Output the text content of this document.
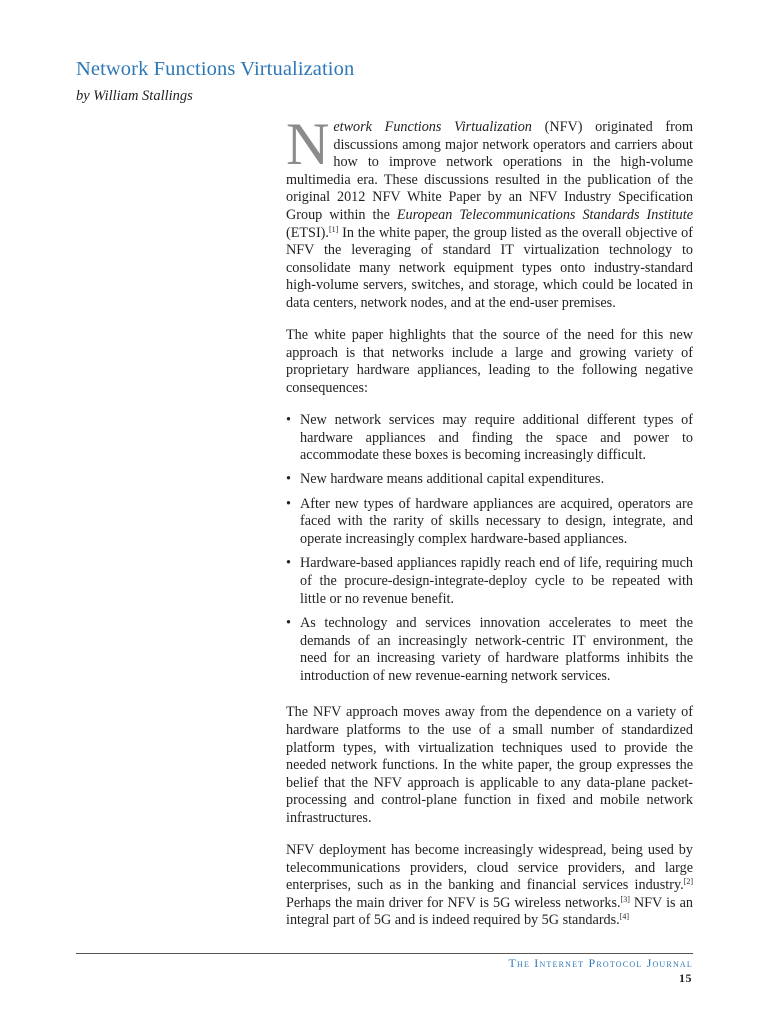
Network Functions Virtualization

by William Stallings

Network Functions Virtualization (NFV) originated from discussions among major network operators and carriers about how to improve network operations in the high-volume multimedia era. These discussions resulted in the publication of the original 2012 NFV White Paper by an NFV Industry Specification Group within the European Telecommunications Standards Institute (ETSI).[1] In the white paper, the group listed as the overall objective of NFV the leveraging of standard IT virtualization technology to consolidate many network equipment types onto industry-standard high-volume servers, switches, and storage, which could be located in data centers, network nodes, and at the end-user premises.

The white paper highlights that the source of the need for this new approach is that networks include a large and growing variety of proprietary hardware appliances, leading to the following negative consequences:

• New network services may require additional different types of hardware appliances and finding the space and power to accommodate these boxes is becoming increasingly difficult.
• New hardware means additional capital expenditures.
• After new types of hardware appliances are acquired, operators are faced with the rarity of skills necessary to design, integrate, and operate increasingly complex hardware-based appliances.
• Hardware-based appliances rapidly reach end of life, requiring much of the procure-design-integrate-deploy cycle to be repeated with little or no revenue benefit.
• As technology and services innovation accelerates to meet the demands of an increasingly network-centric IT environment, the need for an increasing variety of hardware platforms inhibits the introduction of new revenue-earning network services.

The NFV approach moves away from the dependence on a variety of hardware platforms to the use of a small number of standardized platform types, with virtualization techniques used to provide the needed network functions. In the white paper, the group expresses the belief that the NFV approach is applicable to any data-plane packet-processing and control-plane function in fixed and mobile network infrastructures.

NFV deployment has become increasingly widespread, being used by telecommunications providers, cloud service providers, and large enterprises, such as in the banking and financial services industry.[2] Perhaps the main driver for NFV is 5G wireless networks.[3] NFV is an integral part of 5G and is indeed required by 5G standards.[4]

The Internet Protocol Journal
15
